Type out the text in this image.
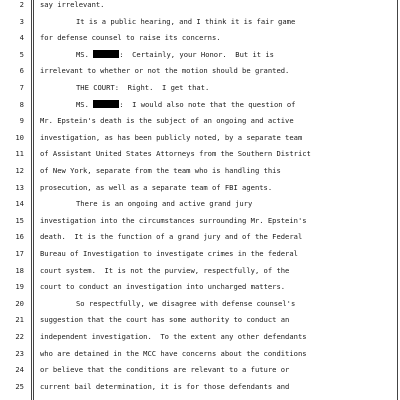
2
3
4
5
6
7
8
9
10
11
12
13
14
15
16
17
18
19
20
21
22
23
24
25
say irrelevant.
It is a public hearing, and I think it is fair game
for defense counsel to raise its concerns.
MS.	:  Certainly, your Honor.  But it is
irrelevant to whether or not the motion should be granted.
THE COURT:  Right.  I get that.
MS.	:  I would also note that the question of
Mr. Epstein's death is the subject of an ongoing and active
investigation, as has been publicly noted, by a separate team
of Assistant United States Attorneys from the Southern District
of New York, separate from the team who is handling this
prosecution, as well as a separate team of FBI agents.
There is an ongoing and active grand jury
investigation into the circumstances surrounding Mr. Epstein's
death.  It is the function of a grand jury and of the Federal
Bureau of Investigation to investigate crimes in the federal
court system.  It is not the purview, respectfully, of the
court to conduct an investigation into uncharged matters.
So respectfully, we disagree with defense counsel's
suggestion that the court has some authority to conduct an
independent investigation.  To the extent any other defendants
who are detained in the MCC have concerns about the conditions
or believe that the conditions are relevant to a future or
current bail determination, it is for those defendants and
